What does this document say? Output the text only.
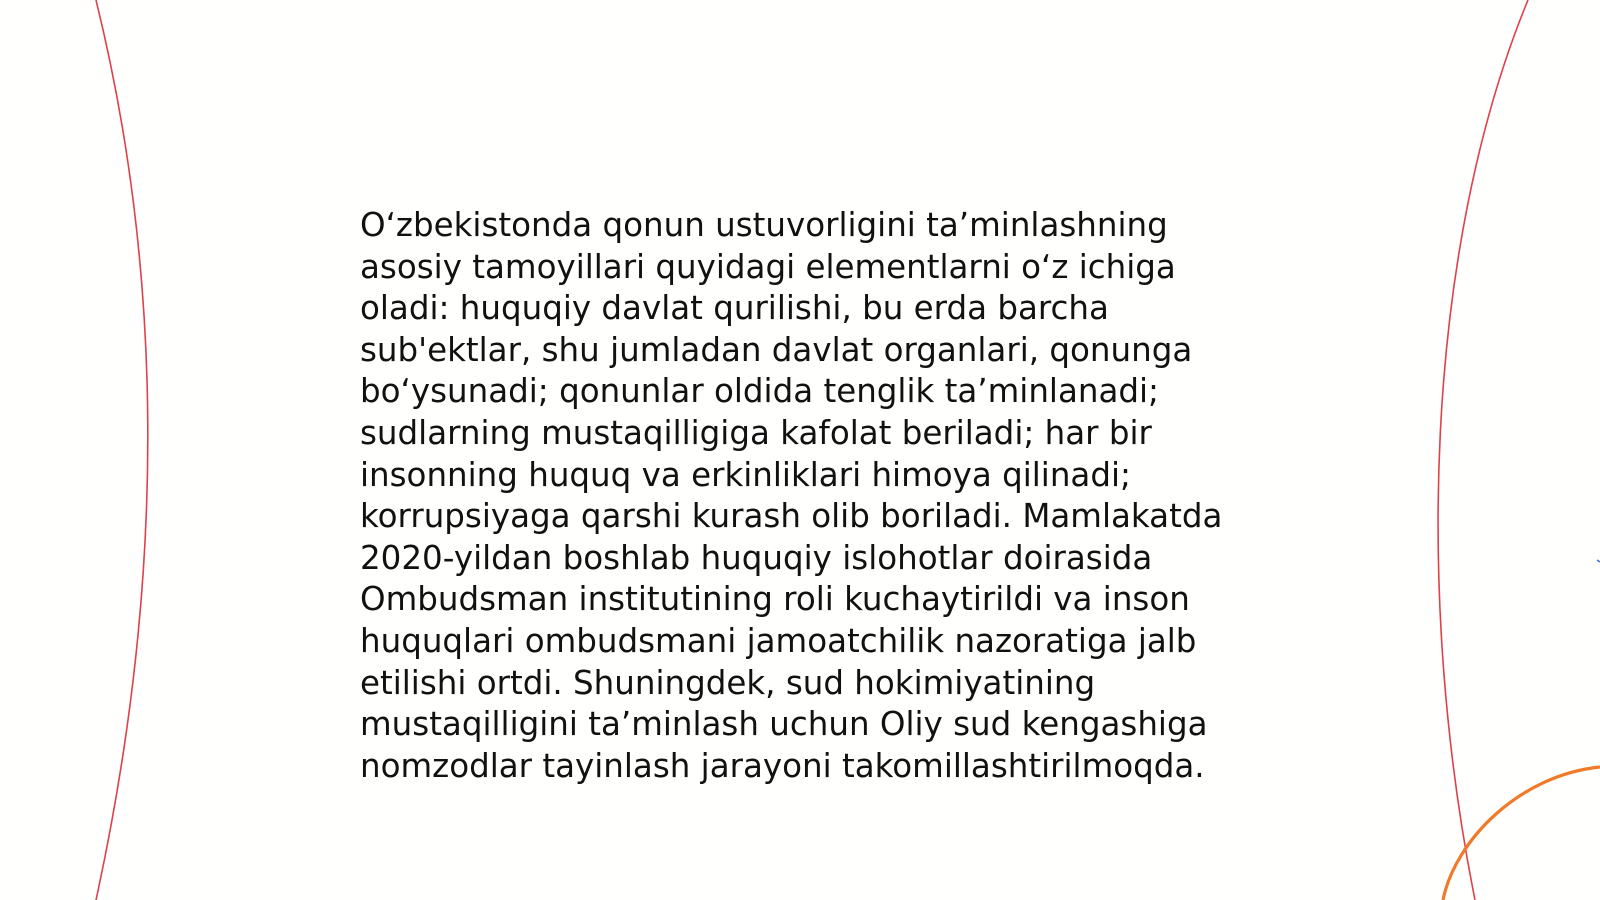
O‘zbekistonda qonun ustuvorligini ta’minlashning
asosiy tamoyillari quyidagi elementlarni o‘z ichiga
oladi: huquqiy davlat qurilishi, bu erda barcha
sub'ektlar, shu jumladan davlat organlari, qonunga
bo‘ysunadi; qonunlar oldida tenglik ta’minlanadi;
sudlarning mustaqilligiga kafolat beriladi; har bir
insonning huquq va erkinliklari himoya qilinadi;
korrupsiyaga qarshi kurash olib boriladi. Mamlakatda
2020-yildan boshlab huquqiy islohotlar doirasida
Ombudsman institutining roli kuchaytirildi va inson
huquqlari ombudsmani jamoatchilik nazoratiga jalb
etilishi ortdi. Shuningdek, sud hokimiyatining
mustaqilligini ta’minlash uchun Oliy sud kengashiga
nomzodlar tayinlash jarayoni takomillashtirilmoqda.
